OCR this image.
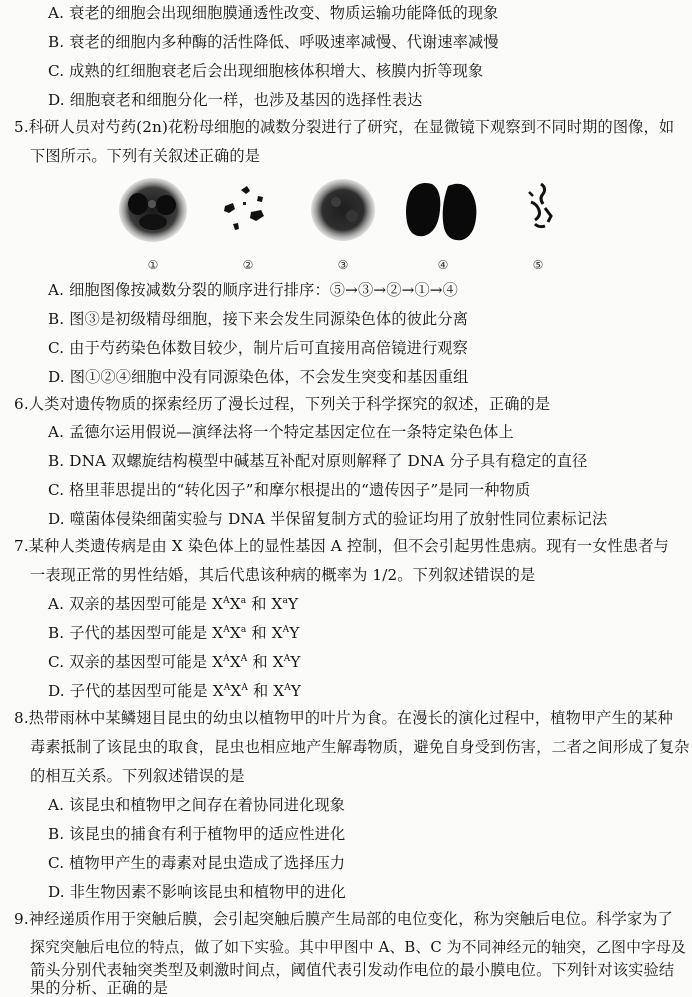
A. 衰老的细胞会出现细胞膜通透性改变、物质运输功能降低的现象
B. 衰老的细胞内多种酶的活性降低、呼吸速率减慢、代谢速率减慢
C. 成熟的红细胞衰老后会出现细胞核体积增大、核膜内折等现象
D. 细胞衰老和细胞分化一样，也涉及基因的选择性表达
5.科研人员对芍药(2n)花粉母细胞的减数分裂进行了研究，在显微镜下观察到不同时期的图像，如
下图所示。下列有关叙述正确的是
①	②	③	④	⑤
A. 细胞图像按减数分裂的顺序进行排序：⑤→③→②→①→④
B. 图③是初级精母细胞，接下来会发生同源染色体的彼此分离
C. 由于芍药染色体数目较少，制片后可直接用高倍镜进行观察
D. 图①②④细胞中没有同源染色体，不会发生突变和基因重组
6.人类对遗传物质的探索经历了漫长过程，下列关于科学探究的叙述，正确的是
A. 孟德尔运用假说—演绎法将一个特定基因定位在一条特定染色体上
B. DNA 双螺旋结构模型中碱基互补配对原则解释了 DNA 分子具有稳定的直径
C. 格里菲思提出的“转化因子”和摩尔根提出的“遗传因子”是同一种物质
D. 噬菌体侵染细菌实验与 DNA 半保留复制方式的验证均用了放射性同位素标记法
7.某种人类遗传病是由 X 染色体上的显性基因 A 控制，但不会引起男性患病。现有一女性患者与
一表现正常的男性结婚，其后代患该种病的概率为 1/2。下列叙述错误的是
A. 双亲的基因型可能是 $X^AX^a$ 和 $X^aY$
B. 子代的基因型可能是 $X^AX^a$ 和 $X^AY$
C. 双亲的基因型可能是 $X^AX^A$ 和 $X^AY$
D. 子代的基因型可能是 $X^AX^A$ 和 $X^AY$
8.热带雨林中某鳞翅目昆虫的幼虫以植物甲的叶片为食。在漫长的演化过程中，植物甲产生的某种
毒素抵制了该昆虫的取食，昆虫也相应地产生解毒物质，避免自身受到伤害，二者之间形成了复杂
的相互关系。下列叙述错误的是
A. 该昆虫和植物甲之间存在着协同进化现象
B. 该昆虫的捕食有利于植物甲的适应性进化
C. 植物甲产生的毒素对昆虫造成了选择压力
D. 非生物因素不影响该昆虫和植物甲的进化
9.神经递质作用于突触后膜，会引起突触后膜产生局部的电位变化，称为突触后电位。科学家为了
探究突触后电位的特点，做了如下实验。其中甲图中 A、B、C 为不同神经元的轴突，乙图中字母及
箭头分别代表轴突类型及刺激时间点，阈值代表引发动作电位的最小膜电位。下列针对该实验结
果的分析、正确的是
